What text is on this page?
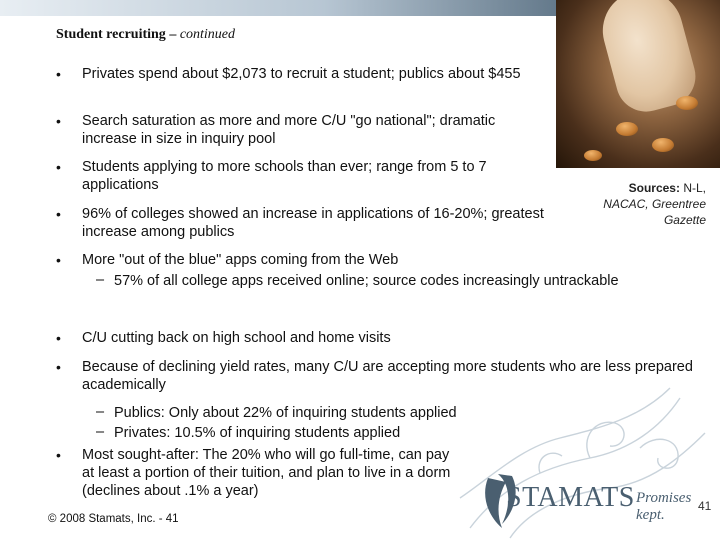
Student recruiting – continued
Sources: N-L,
NACAC, Greentree
Gazette
• Privates spend about $2,073 to recruit a student; publics about $455
• Search saturation as more and more C/U "go national"; dramatic increase in size in inquiry pool
• Students applying to more schools than ever; range from 5 to 7 applications
• 96% of colleges showed an increase in applications of 16-20%; greatest increase among publics
• More "out of the blue" apps coming from the Web
– 57% of all college apps received online; source codes increasingly untrackable
• C/U cutting back on high school and home visits
• Because of declining yield rates, many C/U are accepting more students who are less prepared academically
– Publics: Only about 22% of inquiring students applied
– Privates: 10.5% of inquiring students applied
• Most sought-after: The 20% who will go full-time, can pay at least a portion of their tuition, and plan to live in a dorm (declines about .1% a year)	STAMATS Promises kept.
41
© 2008 Stamats, Inc. - 41
